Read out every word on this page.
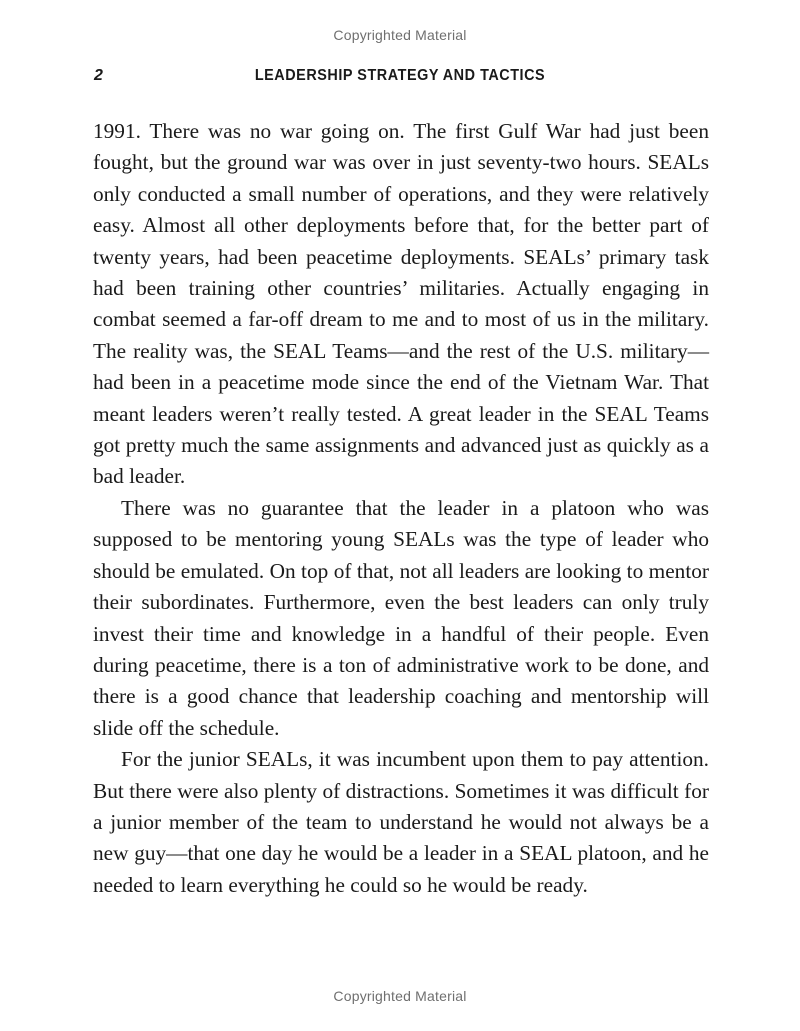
Copyrighted Material
2	LEADERSHIP STRATEGY AND TACTICS

1991. There was no war going on. The first Gulf War had just been fought, but the ground war was over in just seventy-two hours. SEALs only conducted a small number of operations, and they were relatively easy. Almost all other deployments before that, for the better part of twenty years, had been peacetime deployments. SEALs’ primary task had been training other countries’ militaries. Actually engaging in combat seemed a far-off dream to me and to most of us in the military. The reality was, the SEAL Teams—and the rest of the U.S. military—had been in a peacetime mode since the end of the Vietnam War. That meant leaders weren’t really tested. A great leader in the SEAL Teams got pretty much the same assignments and advanced just as quickly as a bad leader.

There was no guarantee that the leader in a platoon who was supposed to be mentoring young SEALs was the type of leader who should be emulated. On top of that, not all leaders are looking to mentor their subordinates. Furthermore, even the best leaders can only truly invest their time and knowledge in a handful of their people. Even during peacetime, there is a ton of administrative work to be done, and there is a good chance that leadership coaching and mentorship will slide off the schedule.

For the junior SEALs, it was incumbent upon them to pay attention. But there were also plenty of distractions. Sometimes it was difficult for a junior member of the team to understand he would not always be a new guy—that one day he would be a leader in a SEAL platoon, and he needed to learn everything he could so he would be ready.

Copyrighted Material
